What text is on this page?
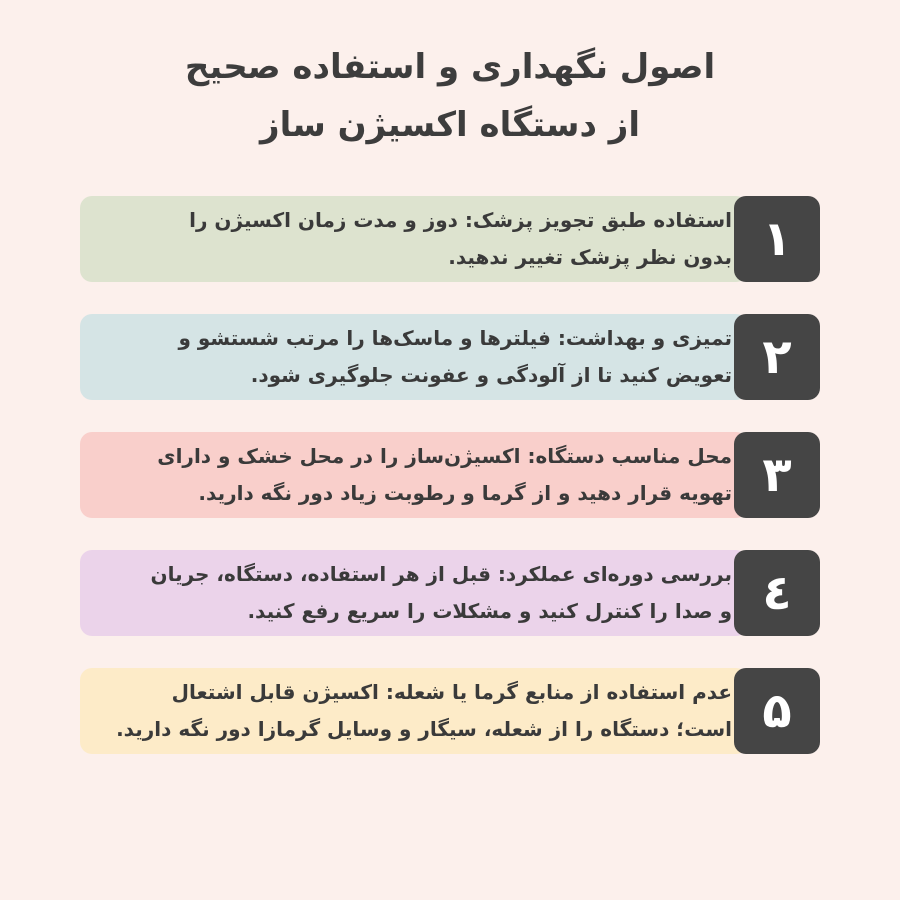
اصول نگهداری و استفاده صحیح
از دستگاه اکسیژن ساز
استفاده طبق تجویز پزشک: دوز و مدت زمان اکسیژن را
بدون نظر پزشک تغییر ندهید. ۱
تمیزی و بهداشت: فیلترها و ماسک‌ها را مرتب شستشو و
تعویض کنید تا از آلودگی و عفونت جلوگیری شود. ۲
محل مناسب دستگاه: اکسیژن‌ساز را در محل خشک و دارای
تهویه قرار دهید و از گرما و رطوبت زیاد دور نگه دارید. ۳
بررسی دوره‌ای عملکرد: قبل از هر استفاده، دستگاه، جریان
و صدا را کنترل کنید و مشکلات را سریع رفع کنید. ٤
عدم استفاده از منابع گرما یا شعله: اکسیژن قابل اشتعال
است؛ دستگاه را از شعله، سیگار و وسایل گرمازا دور نگه دارید. ۵
